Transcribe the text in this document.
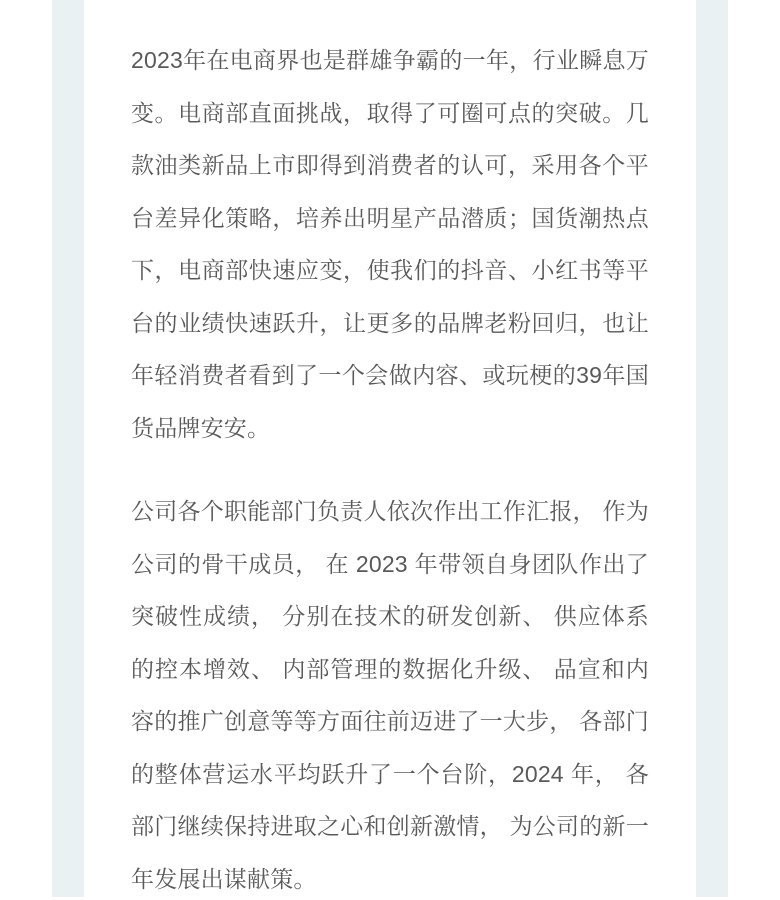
2023年在电商界也是群雄争霸的一年，行业瞬息万变。电商部直面挑战，取得了可圈可点的突破。几款油类新品上市即得到消费者的认可，采用各个平台差异化策略，培养出明星产品潜质；国货潮热点下，电商部快速应变，使我们的抖音、小红书等平台的业绩快速跃升，让更多的品牌老粉回归，也让年轻消费者看到了一个会做内容、或玩梗的39年国货品牌安安。

公司各个职能部门负责人依次作出工作汇报， 作为公司的骨干成员， 在 2023 年带领自身团队作出了突破性成绩， 分别在技术的研发创新、 供应体系的控本增效、 内部管理的数据化升级、 品宣和内容的推广创意等等方面往前迈进了一大步， 各部门的整体营运水平均跃升了一个台阶，2024 年， 各部门继续保持进取之心和创新激情， 为公司的新一年发展出谋献策。
